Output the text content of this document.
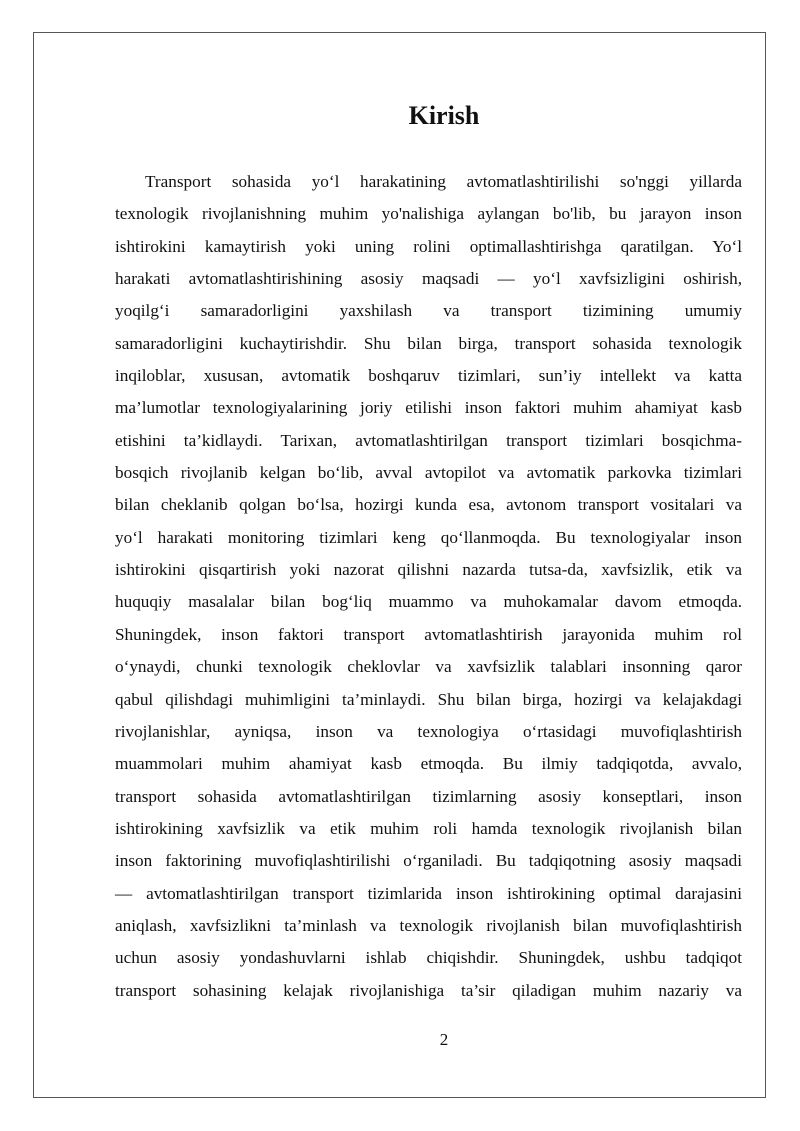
Kirish
Transport sohasida yo‘l harakatining avtomatlashtirilishi so'nggi yillarda
texnologik rivojlanishning muhim yo'nalishiga aylangan bo'lib, bu jarayon inson
ishtirokini kamaytirish yoki uning rolini optimallashtirishga qaratilgan. Yo‘l
harakati avtomatlashtirishining asosiy maqsadi — yo‘l xavfsizligini oshirish,
yoqilg‘i samaradorligini yaxshilash va transport tizimining umumiy
samaradorligini kuchaytirishdir. Shu bilan birga, transport sohasida texnologik
inqiloblar, xususan, avtomatik boshqaruv tizimlari, sun’iy intellekt va katta
ma’lumotlar texnologiyalarining joriy etilishi inson faktori muhim ahamiyat kasb
etishini ta’kidlaydi. Tarixan, avtomatlashtirilgan transport tizimlari bosqichma-
bosqich rivojlanib kelgan bo‘lib, avval avtopilot va avtomatik parkovka tizimlari
bilan cheklanib qolgan bo‘lsa, hozirgi kunda esa, avtonom transport vositalari va
yo‘l harakati monitoring tizimlari keng qo‘llanmoqda. Bu texnologiyalar inson
ishtirokini qisqartirish yoki nazorat qilishni nazarda tutsa-da, xavfsizlik, etik va
huquqiy masalalar bilan bog‘liq muammo va muhokamalar davom etmoqda.
Shuningdek, inson faktori transport avtomatlashtirish jarayonida muhim rol
o‘ynaydi, chunki texnologik cheklovlar va xavfsizlik talablari insonning qaror
qabul qilishdagi muhimligini ta’minlaydi. Shu bilan birga, hozirgi va kelajakdagi
rivojlanishlar, ayniqsa, inson va texnologiya o‘rtasidagi muvofiqlashtirish
muammolari muhim ahamiyat kasb etmoqda. Bu ilmiy tadqiqotda, avvalo,
transport sohasida avtomatlashtirilgan tizimlarning asosiy konseptlari, inson
ishtirokining xavfsizlik va etik muhim roli hamda texnologik rivojlanish bilan
inson faktorining muvofiqlashtirilishi o‘rganiladi. Bu tadqiqotning asosiy maqsadi
— avtomatlashtirilgan transport tizimlarida inson ishtirokining optimal darajasini
aniqlash, xavfsizlikni ta’minlash va texnologik rivojlanish bilan muvofiqlashtirish
uchun asosiy yondashuvlarni ishlab chiqishdir. Shuningdek, ushbu tadqiqot
transport sohasining kelajak rivojlanishiga ta’sir qiladigan muhim nazariy va
2
